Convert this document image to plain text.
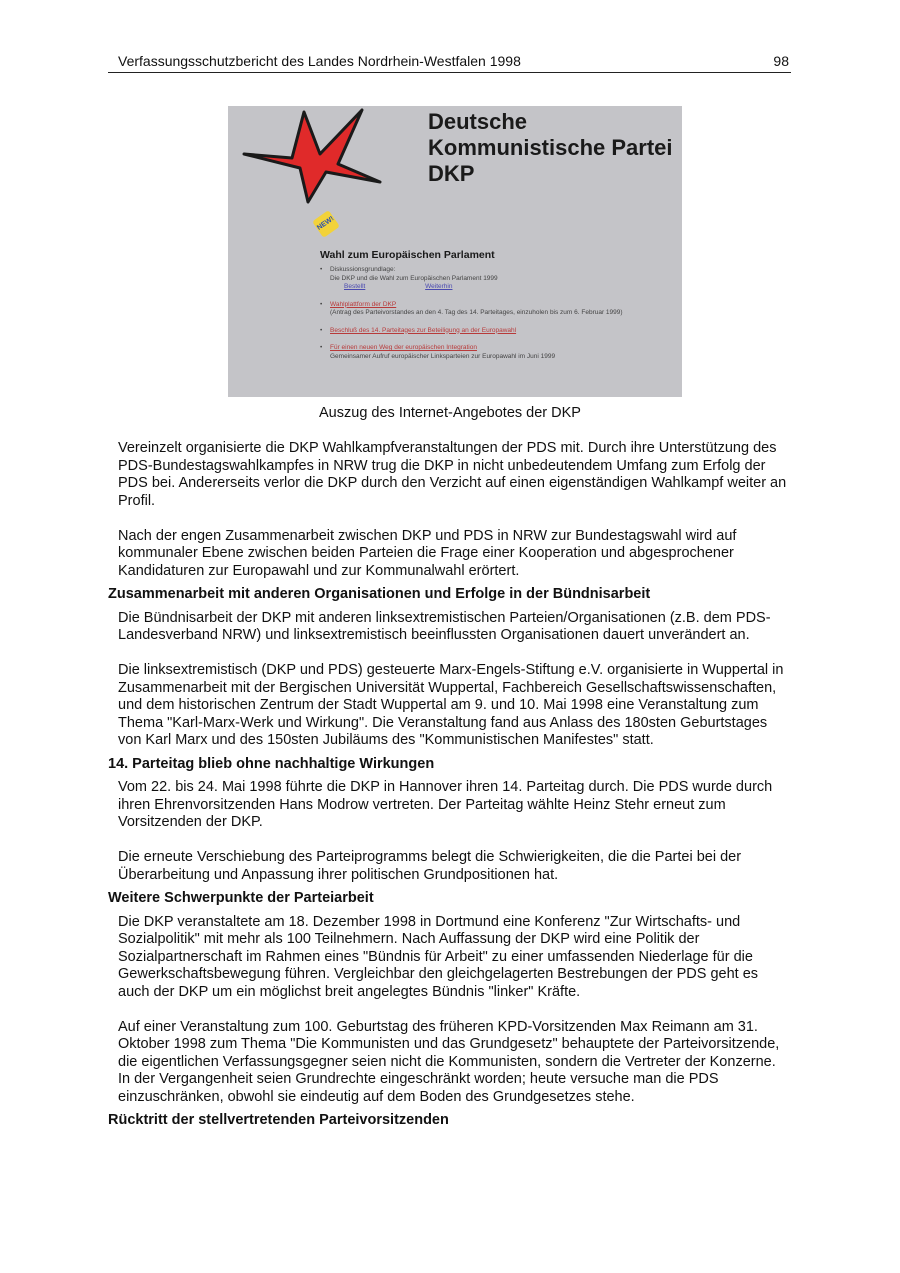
Verfassungsschutzbericht des Landes Nordrhein-Westfalen 1998	98
Deutsche
Kommunistische Partei
DKP
NEW!
Wahl zum Europäischen Parlament
• Diskussionsgrundlage:
Die DKP und die Wahl zum Europäischen Parlament 1999
Bestellt	Weiterhin
• Wahlplattform der DKP
(Antrag des Parteivorstandes an den 4. Tag des 14. Parteitages, einzuholen bis zum 6. Februar 1999)
• Beschluß des 14. Parteitages zur Beteiligung an der Europawahl
• Für einen neuen Weg der europäischen Integration
Gemeinsamer Aufruf europäischer Linksparteien zur Europawahl im Juni 1999
Auszug des Internet-Angebotes der DKP

Vereinzelt organisierte die DKP Wahlkampfveranstaltungen der PDS mit. Durch ihre Unterstützung des PDS-Bundestagswahlkampfes in NRW trug die DKP in nicht unbedeutendem Umfang zum Erfolg der PDS bei. Andererseits verlor die DKP durch den Verzicht auf einen eigenständigen Wahlkampf weiter an Profil.

Nach der engen Zusammenarbeit zwischen DKP und PDS in NRW zur Bundestagswahl wird auf kommunaler Ebene zwischen beiden Parteien die Frage einer Kooperation und abgesprochener Kandidaturen zur Europawahl und zur Kommunalwahl erörtert.

Zusammenarbeit mit anderen Organisationen und Erfolge in der Bündnisarbeit

Die Bündnisarbeit der DKP mit anderen linksextremistischen Parteien/Organisationen (z.B. dem PDS-Landesverband NRW) und linksextremistisch beeinflussten Organisationen dauert unverändert an.

Die linksextremistisch (DKP und PDS) gesteuerte Marx-Engels-Stiftung e.V. organisierte in Wuppertal in Zusammenarbeit mit der Bergischen Universität Wuppertal, Fachbereich Gesellschaftswissenschaften, und dem historischen Zentrum der Stadt Wuppertal am 9. und 10. Mai 1998 eine Veranstaltung zum Thema "Karl-Marx-Werk und Wirkung". Die Veranstaltung fand aus Anlass des 180sten Geburtstages von Karl Marx und des 150sten Jubiläums des "Kommunistischen Manifestes" statt.

14. Parteitag blieb ohne nachhaltige Wirkungen

Vom 22. bis 24. Mai 1998 führte die DKP in Hannover ihren 14. Parteitag durch. Die PDS wurde durch ihren Ehrenvorsitzenden Hans Modrow vertreten. Der Parteitag wählte Heinz Stehr erneut zum Vorsitzenden der DKP.

Die erneute Verschiebung des Parteiprogramms belegt die Schwierigkeiten, die die Partei bei der Überarbeitung und Anpassung ihrer politischen Grundpositionen hat.

Weitere Schwerpunkte der Parteiarbeit

Die DKP veranstaltete am 18. Dezember 1998 in Dortmund eine Konferenz "Zur Wirtschafts- und Sozialpolitik" mit mehr als 100 Teilnehmern. Nach Auffassung der DKP wird eine Politik der Sozialpartnerschaft im Rahmen eines "Bündnis für Arbeit" zu einer umfassenden Niederlage für die Gewerkschaftsbewegung führen. Vergleichbar den gleichgelagerten Bestrebungen der PDS geht es auch der DKP um ein möglichst breit angelegtes Bündnis "linker" Kräfte.

Auf einer Veranstaltung zum 100. Geburtstag des früheren KPD-Vorsitzenden Max Reimann am 31. Oktober 1998 zum Thema "Die Kommunisten und das Grundgesetz" behauptete der Parteivorsitzende, die eigentlichen Verfassungsgegner seien nicht die Kommunisten, sondern die Vertreter der Konzerne. In der Vergangenheit seien Grundrechte eingeschränkt worden; heute versuche man die PDS einzuschränken, obwohl sie eindeutig auf dem Boden des Grundgesetzes stehe.

Rücktritt der stellvertretenden Parteivorsitzenden
